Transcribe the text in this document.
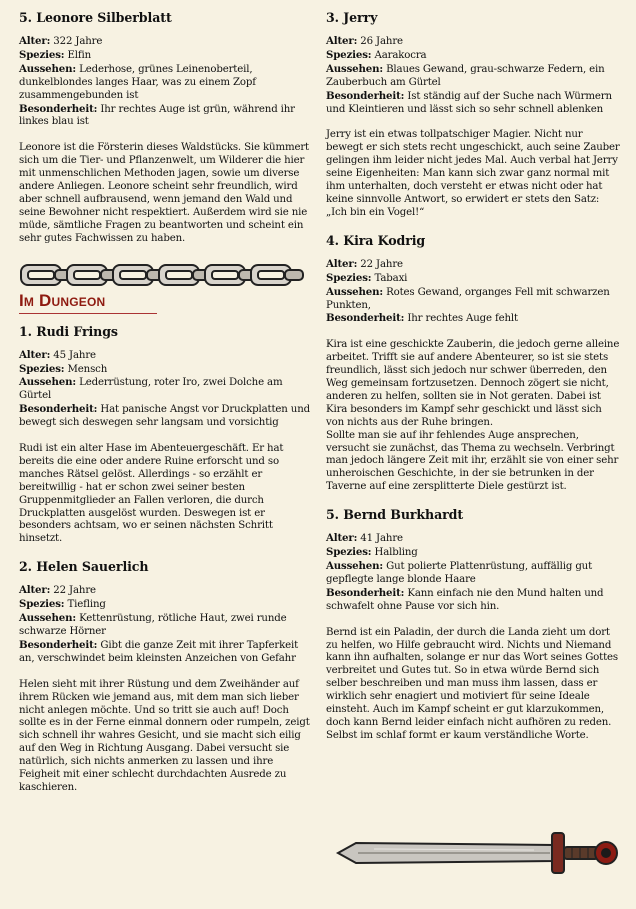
5. Leonore Silberblatt

Alter: 322 Jahre

Spezies: Elfin

Aussehen: Lederhose, grünes Leinenoberteil, dunkelblondes langes Haar, was zu einem Zopf zusammengebunden ist

Besonderheit: Ihr rechtes Auge ist grün, während ihr linkes blau ist

Leonore ist die Försterin dieses Waldstücks. Sie kümmert sich um die Tier- und Pflanzenwelt, um Wilderer die hier mit unmenschlichen Methoden jagen, sowie um diverse andere Anliegen. Leonore scheint sehr freundlich, wird aber schnell aufbrausend, wenn jemand den Wald und seine Bewohner nicht respektiert. Außerdem wird sie nie müde, sämtliche Fragen zu beantworten und scheint ein sehr gutes Fachwissen zu haben.

Im Dungeon
1. Rudi Frings

Alter: 45 Jahre

Spezies: Mensch

Aussehen: Lederrüstung, roter Iro, zwei Dolche am Gürtel

Besonderheit: Hat panische Angst vor Druckplatten und bewegt sich deswegen sehr langsam und vorsichtig

Rudi ist ein alter Hase im Abenteuergeschäft. Er hat bereits die eine oder andere Ruine erforscht und so manches Rätsel gelöst. Allerdings - so erzählt er bereitwillig - hat er schon zwei seiner besten Gruppenmitglieder an Fallen verloren, die durch Druckplatten ausgelöst wurden. Deswegen ist er besonders achtsam, wo er seinen nächsten Schritt hinsetzt.

2. Helen Sauerlich

Alter: 22 Jahre

Spezies: Tiefling

Aussehen: Kettenrüstung, rötliche Haut, zwei runde schwarze Hörner

Besonderheit: Gibt die ganze Zeit mit ihrer Tapferkeit an, verschwindet beim kleinsten Anzeichen von Gefahr

Helen sieht mit ihrer Rüstung und dem Zweihänder auf ihrem Rücken wie jemand aus, mit dem man sich lieber nicht anlegen möchte. Und so tritt sie auch auf! Doch sollte es in der Ferne einmal donnern oder rumpeln, zeigt sich schnell ihr wahres Gesicht, und sie macht sich eilig auf den Weg in Richtung Ausgang. Dabei versucht sie natürlich, sich nichts anmerken zu lassen und ihre Feigheit mit einer schlecht durchdachten Ausrede zu kaschieren.

3. Jerry

Alter: 26 Jahre

Spezies: Aarakocra

Aussehen: Blaues Gewand, grau-schwarze Federn, ein Zauberbuch am Gürtel

Besonderheit: Ist ständig auf der Suche nach Würmern und Kleintieren und lässt sich so sehr schnell ablenken

Jerry ist ein etwas tollpatschiger Magier. Nicht nur bewegt er sich stets recht ungeschickt, auch seine Zauber gelingen ihm leider nicht jedes Mal. Auch verbal hat Jerry seine Eigenheiten: Man kann sich zwar ganz normal mit ihm unterhalten, doch versteht er etwas nicht oder hat keine sinnvolle Antwort, so erwidert er stets den Satz: „Ich bin ein Vogel!“

4. Kira Kodrig

Alter: 22 Jahre

Spezies: Tabaxi

Aussehen: Rotes Gewand, organges Fell mit schwarzen Punkten,

Besonderheit: Ihr rechtes Auge fehlt

Kira ist eine geschickte Zauberin, die jedoch gerne alleine arbeitet. Trifft sie auf andere Abenteurer, so ist sie stets freundlich, lässt sich jedoch nur schwer überreden, den Weg gemeinsam fortzusetzen. Dennoch zögert sie nicht, anderen zu helfen, sollten sie in Not geraten. Dabei ist Kira besonders im Kampf sehr geschickt und lässt sich von nichts aus der Ruhe bringen.

Sollte man sie auf ihr fehlendes Auge ansprechen, versucht sie zunächst, das Thema zu wechseln. Verbringt man jedoch längere Zeit mit ihr, erzählt sie von einer sehr unheroischen Geschichte, in der sie betrunken in der Taverne auf eine zersplitterte Diele gestürzt ist.

5. Bernd Burkhardt

Alter: 41 Jahre

Spezies: Halbling

Aussehen: Gut polierte Plattenrüstung, auffällig gut gepflegte lange blonde Haare

Besonderheit: Kann einfach nie den Mund halten und schwafelt ohne Pause vor sich hin.

Bernd ist ein Paladin, der durch die Landa zieht um dort zu helfen, wo Hilfe gebraucht wird. Nichts und Niemand kann ihn aufhalten, solange er nur das Wort seines Gottes verbreitet und Gutes tut. So in etwa würde Bernd sich selber beschreiben und man muss ihm lassen, dass er wirklich sehr enagiert und motiviert für seine Ideale einsteht. Auch im Kampf scheint er gut klarzukommen, doch kann Bernd leider einfach nicht aufhören zu reden. Selbst im schlaf formt er kaum verständliche Worte.
